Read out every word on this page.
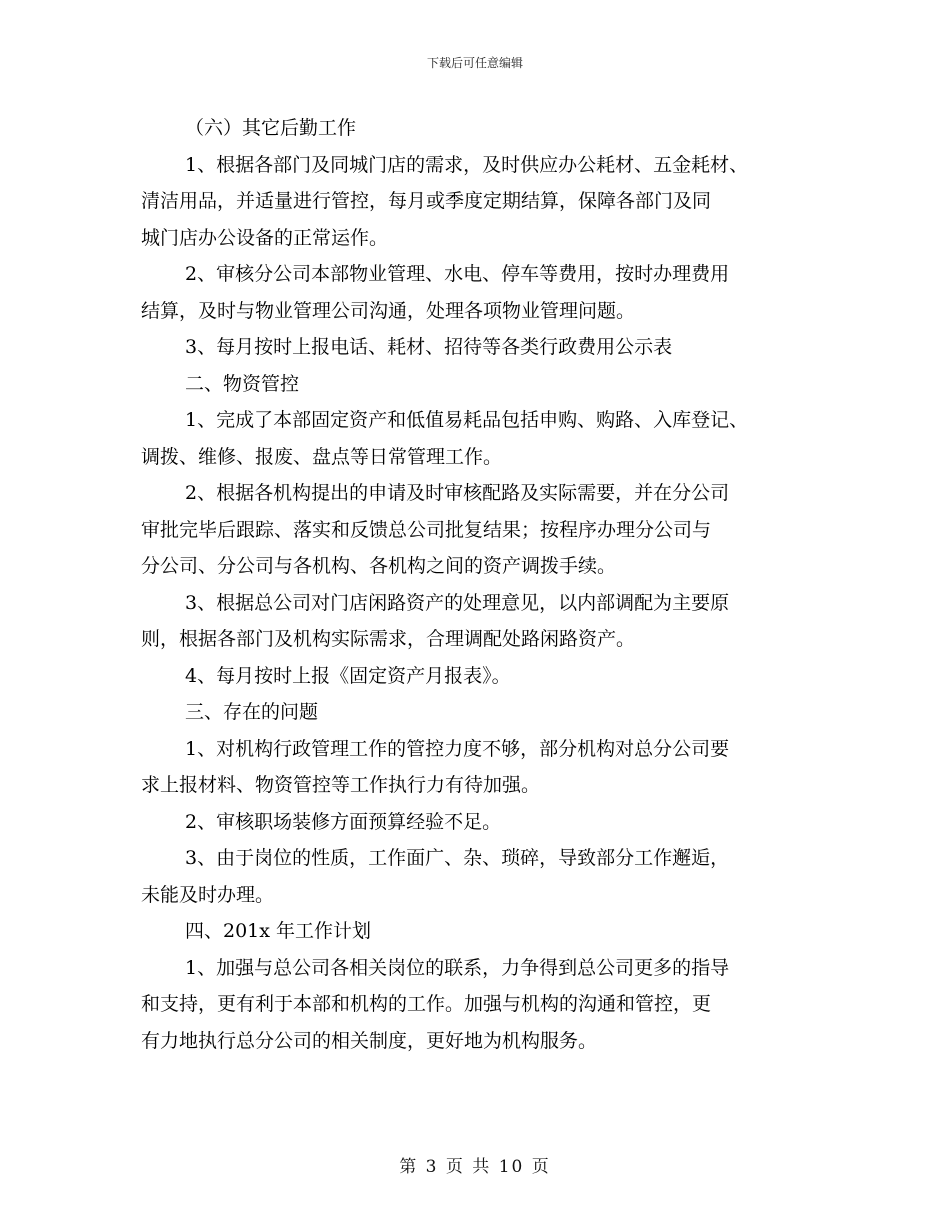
下载后可任意编辑
（六）其它后勤工作
1、根据各部门及同城门店的需求，及时供应办公耗材、五金耗材、
清洁用品，并适量进行管控，每月或季度定期结算，保障各部门及同
城门店办公设备的正常运作。
2、审核分公司本部物业管理、水电、停车等费用，按时办理费用
结算，及时与物业管理公司沟通，处理各项物业管理问题。
3、每月按时上报电话、耗材、招待等各类行政费用公示表
二、物资管控
1、完成了本部固定资产和低值易耗品包括申购、购路、入库登记、
调拨、维修、报废、盘点等日常管理工作。
2、根据各机构提出的申请及时审核配路及实际需要，并在分公司
审批完毕后跟踪、落实和反馈总公司批复结果；按程序办理分公司与
分公司、分公司与各机构、各机构之间的资产调拨手续。
3、根据总公司对门店闲路资产的处理意见，以内部调配为主要原
则，根据各部门及机构实际需求，合理调配处路闲路资产。
4、每月按时上报《固定资产月报表》。
三、存在的问题
1、对机构行政管理工作的管控力度不够，部分机构对总分公司要
求上报材料、物资管控等工作执行力有待加强。
2、审核职场装修方面预算经验不足。
3、由于岗位的性质，工作面广、杂、琐碎，导致部分工作邂逅，
未能及时办理。
四、201x 年工作计划
1、加强与总公司各相关岗位的联系，力争得到总公司更多的指导
和支持，更有利于本部和机构的工作。加强与机构的沟通和管控，更
有力地执行总分公司的相关制度，更好地为机构服务。
第 3 页 共 10 页
